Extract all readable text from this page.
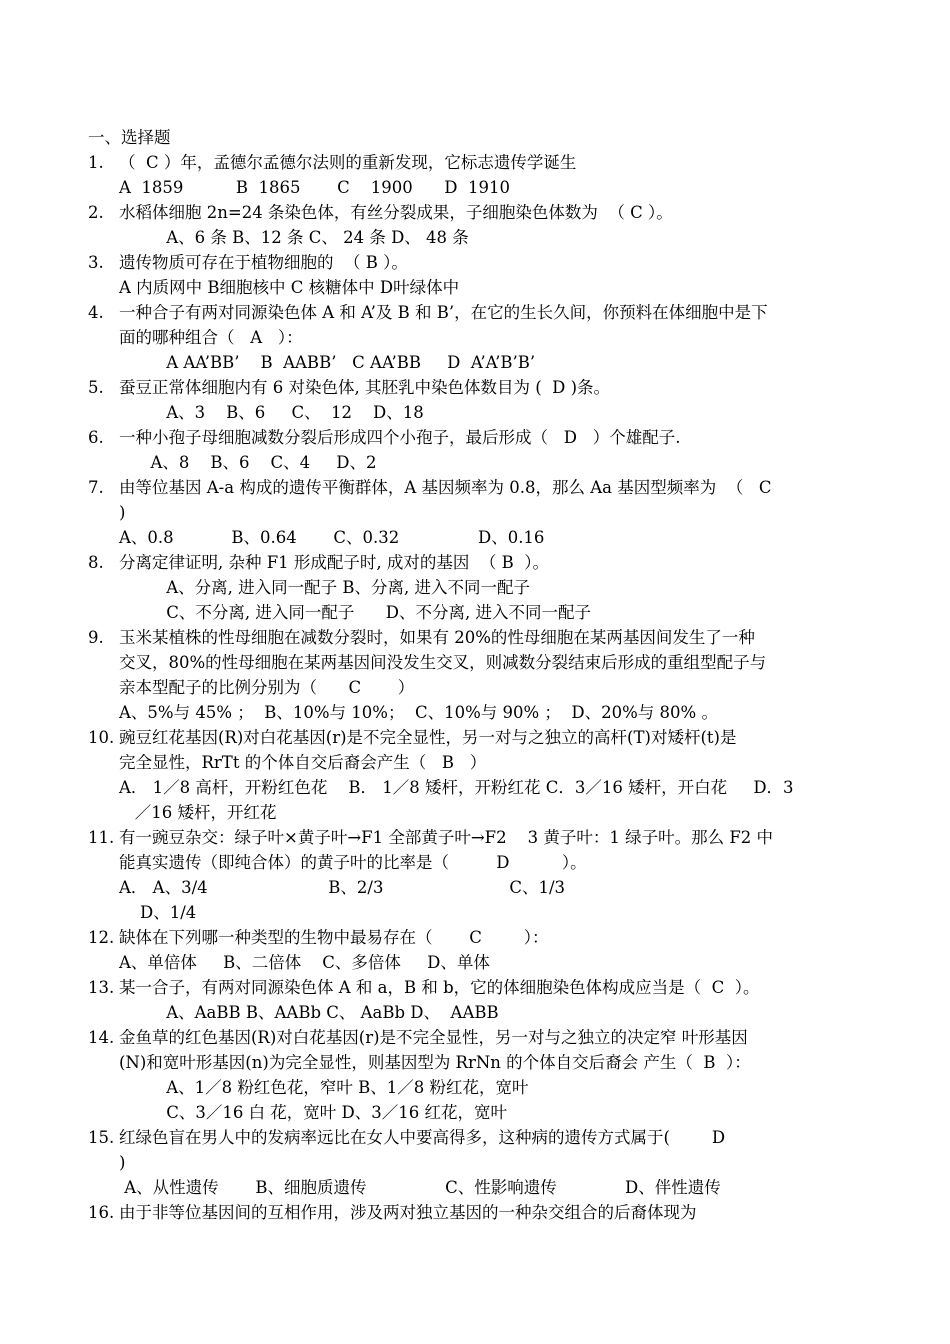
一、选择题
1. （  C ）年，孟德尔孟德尔法则的重新发现，它标志遗传学诞生
A  1859          B  1865       C    1900      D  1910
2. 水稻体细胞 2n=24 条染色体，有丝分裂成果，子细胞染色体数为  （ C ）。
A、6 条 B、12 条 C、 24 条 D、 48 条
3. 遗传物质可存在于植物细胞的  （ B ）。
A 内质网中 B细胞核中 C 核糖体中 D叶绿体中
4. 一种合子有两对同源染色体 A 和 A’及 B 和 B’，在它的生长久间，你预料在体细胞中是下
面的哪种组合（   A   ）：
A AA’BB’    B  AABB’   C AA’BB     D  A’A’B’B’
5. 蚕豆正常体细胞内有 6 对染色体, 其胚乳中染色体数目为 (  D )条。
A、3    B、6     C、  12    D、18
6. 一种小孢子母细胞减数分裂后形成四个小孢子，最后形成（   D   ）个雄配子.
A、8    B、6    C、4     D、2
7. 由等位基因 A-a 构成的遗传平衡群体，A 基因频率为 0.8，那么 Aa 基因型频率为  （   C
)
A、0.8           B、0.64       C、0.32               D、0.16
8. 分离定律证明, 杂种 F1 形成配子时, 成对的基因  （ B  ）。
A、分离, 进入同一配子 B、分离, 进入不同一配子
C、不分离, 进入同一配子      D、不分离, 进入不同一配子
9. 玉米某植株的性母细胞在减数分裂时，如果有 20%的性母细胞在某两基因间发生了一种
交叉，80%的性母细胞在某两基因间没发生交叉，则减数分裂结束后形成的重组型配子与
亲本型配子的比例分别为（      C       ）
A、5%与 45% ；  B、10%与 10%；  C、10%与 90% ；  D、20%与 80% 。
10. 豌豆红花基因(R)对白花基因(r)是不完全显性，另一对与之独立的高杆(T)对矮杆(t)是
完全显性，RrTt 的个体自交后裔会产生（   B   ）
A． 1／8 高杆，开粉红色花    B． 1／8 矮杆，开粉红花 C．3／16 矮杆，开白花     D．3
／16 矮杆，开红花
11. 有一豌豆杂交：绿子叶×黄子叶→F1 全部黄子叶→F2    3 黄子叶：1 绿子叶。那么 F2 中
能真实遗传（即纯合体）的黄子叶的比率是（         D          ）。
A． A、3/4                       B、2/3                        C、1/3
D、1/4
12. 缺体在下列哪一种类型的生物中最易存在（       C        ）：
A、单倍体     B、二倍体    C、多倍体     D、单体
13. 某一合子，有两对同源染色体 A 和 a，B 和 b，它的体细胞染色体构成应当是（  C  ）。
A、AaBB B、AABb C、 AaBb D、  AABB
14. 金鱼草的红色基因(R)对白花基因(r)是不完全显性，另一对与之独立的决定窄 叶形基因
(N)和宽叶形基因(n)为完全显性，则基因型为 RrNn 的个体自交后裔会 产生（  B  ）：
A、1／8 粉红色花，窄叶 B、1／8 粉红花，宽叶
C、3／16 白 花，宽叶 D、3／16 红花，宽叶
15. 红绿色盲在男人中的发病率远比在女人中要高得多，这种病的遗传方式属于(        D
)
A、从性遗传       B、细胞质遗传               C、性影响遗传             D、伴性遗传
16. 由于非等位基因间的互相作用，涉及两对独立基因的一种杂交组合的后裔体现为
